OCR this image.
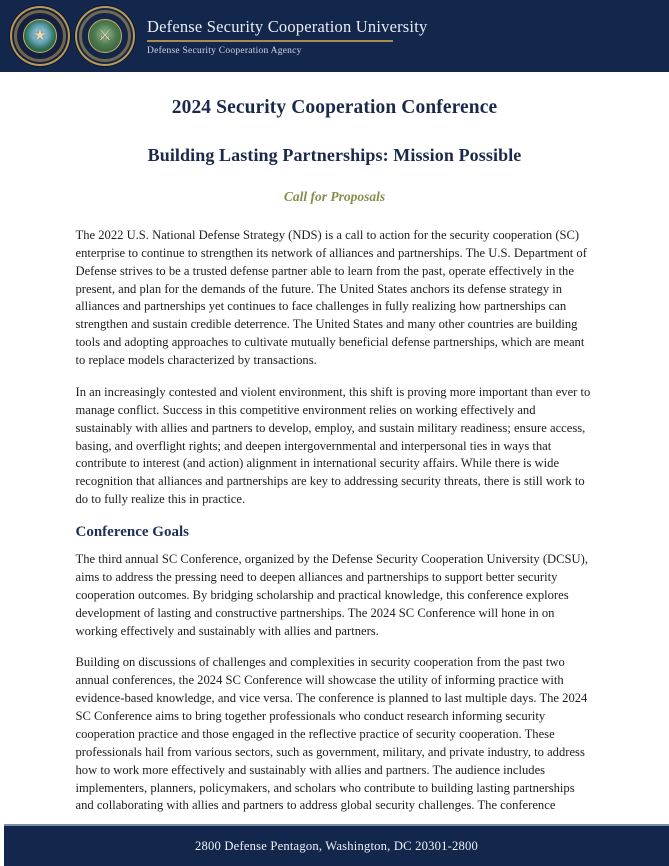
★	⚔	Defense Security Cooperation University
Defense Security Cooperation Agency
2024 Security Cooperation Conference
Building Lasting Partnerships: Mission Possible
Call for Proposals

The 2022 U.S. National Defense Strategy (NDS) is a call to action for the security cooperation (SC) enterprise to continue to strengthen its network of alliances and partnerships. The U.S. Department of Defense strives to be a trusted defense partner able to learn from the past, operate effectively in the present, and plan for the demands of the future. The United States anchors its defense strategy in alliances and partnerships yet continues to face challenges in fully realizing how partnerships can strengthen and sustain credible deterrence. The United States and many other countries are building tools and adopting approaches to cultivate mutually beneficial defense partnerships, which are meant to replace models characterized by transactions.

In an increasingly contested and violent environment, this shift is proving more important than ever to manage conflict. Success in this competitive environment relies on working effectively and sustainably with allies and partners to develop, employ, and sustain military readiness; ensure access, basing, and overflight rights; and deepen intergovernmental and interpersonal ties in ways that contribute to interest (and action) alignment in international security affairs. While there is wide recognition that alliances and partnerships are key to addressing security threats, there is still work to do to fully realize this in practice.

Conference Goals

The third annual SC Conference, organized by the Defense Security Cooperation University (DCSU), aims to address the pressing need to deepen alliances and partnerships to support better security cooperation outcomes. By bridging scholarship and practical knowledge, this conference explores development of lasting and constructive partnerships. The 2024 SC Conference will hone in on working effectively and sustainably with allies and partners.

Building on discussions of challenges and complexities in security cooperation from the past two annual conferences, the 2024 SC Conference will showcase the utility of informing practice with evidence-based knowledge, and vice versa. The conference is planned to last multiple days. The 2024 SC Conference aims to bring together professionals who conduct research informing security cooperation practice and those engaged in the reflective practice of security cooperation. These professionals hail from various sectors, such as government, military, and private industry, to address how to work more effectively and sustainably with allies and partners. The audience includes implementers, planners, policymakers, and scholars who contribute to building lasting partnerships and collaborating with allies and partners to address global security challenges. The conference

2800 Defense Pentagon, Washington, DC 20301-2800
